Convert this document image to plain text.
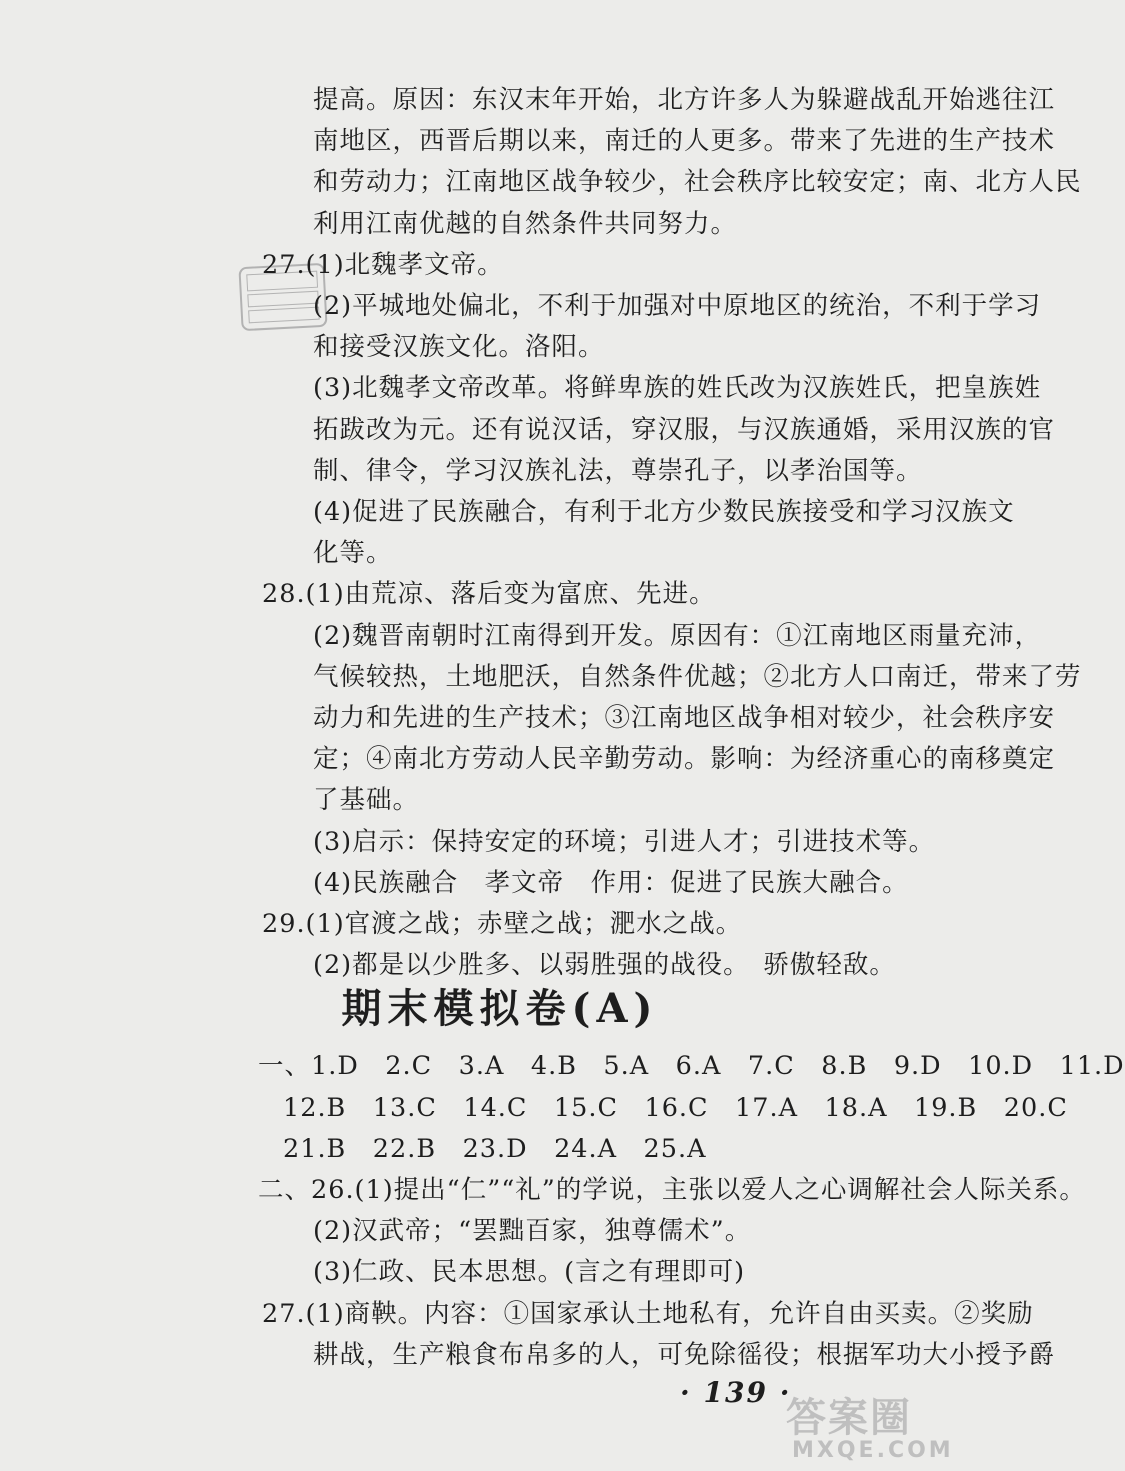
提高。原因：东汉末年开始，北方许多人为躲避战乱开始逃往江
南地区，西晋后期以来，南迁的人更多。带来了先进的生产技术
和劳动力；江南地区战争较少，社会秩序比较安定；南、北方人民
利用江南优越的自然条件共同努力。
27.(1)北魏孝文帝。
(2)平城地处偏北，不利于加强对中原地区的统治，不利于学习
和接受汉族文化。洛阳。
(3)北魏孝文帝改革。将鲜卑族的姓氏改为汉族姓氏，把皇族姓
拓跋改为元。还有说汉话，穿汉服，与汉族通婚，采用汉族的官
制、律令，学习汉族礼法，尊崇孔子，以孝治国等。
(4)促进了民族融合，有利于北方少数民族接受和学习汉族文
化等。
28.(1)由荒凉、落后变为富庶、先进。
(2)魏晋南朝时江南得到开发。原因有：①江南地区雨量充沛，
气候较热，土地肥沃，自然条件优越；②北方人口南迁，带来了劳
动力和先进的生产技术；③江南地区战争相对较少，社会秩序安
定；④南北方劳动人民辛勤劳动。影响：为经济重心的南移奠定
了基础。
(3)启示：保持安定的环境；引进人才；引进技术等。
(4)民族融合　孝文帝　作用：促进了民族大融合。
29.(1)官渡之战；赤壁之战；淝水之战。
(2)都是以少胜多、以弱胜强的战役。　骄傲轻敌。
期末模拟卷(A)
一、1.D　2.C　3.A　4.B　5.A　6.A　7.C　8.B　9.D　10.D　11.D
12.B　13.C　14.C　15.C　16.C　17.A　18.A　19.B　20.C
21.B　22.B　23.D　24.A　25.A
二、26.(1)提出“仁”“礼”的学说，主张以爱人之心调解社会人际关系。
(2)汉武帝；“罢黜百家，独尊儒术”。
(3)仁政、民本思想。(言之有理即可)
27.(1)商鞅。内容：①国家承认土地私有，允许自由买卖。②奖励
耕战，生产粮食布帛多的人，可免除徭役；根据军功大小授予爵
· 139 ·
答案圈
MXQE.COM
